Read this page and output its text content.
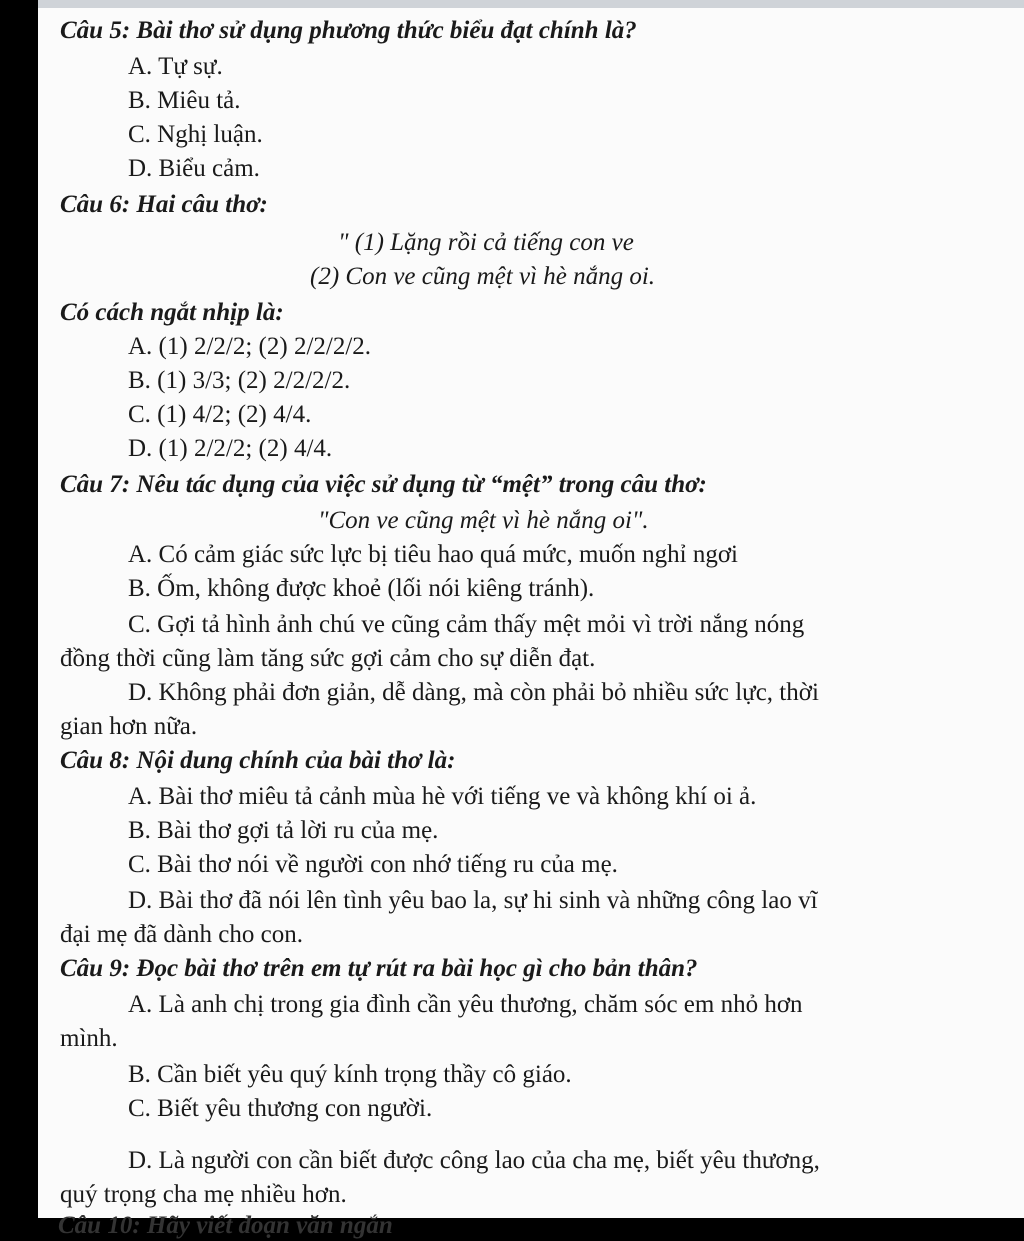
Câu 5: Bài thơ sử dụng phương thức biểu đạt chính là?
A. Tự sự.
B. Miêu tả.
C. Nghị luận.
D. Biểu cảm.
Câu 6: Hai câu thơ:
" (1) Lặng rồi cả tiếng con ve
(2) Con ve cũng mệt vì hè nắng oi.
Có cách ngắt nhịp là:
A. (1) 2/2/2; (2) 2/2/2/2.
B. (1) 3/3; (2) 2/2/2/2.
C. (1) 4/2; (2) 4/4.
D. (1) 2/2/2; (2) 4/4.
Câu 7: Nêu tác dụng của việc sử dụng từ “mệt” trong câu thơ:
"Con ve cũng mệt vì hè nắng oi".
A. Có cảm giác sức lực bị tiêu hao quá mức, muốn nghỉ ngơi
B. Ốm, không được khoẻ (lối nói kiêng tránh).
C. Gợi tả hình ảnh chú ve cũng cảm thấy mệt mỏi vì trời nắng nóng
đồng thời cũng làm tăng sức gợi cảm cho sự diễn đạt.
D. Không phải đơn giản, dễ dàng, mà còn phải bỏ nhiều sức lực, thời
gian hơn nữa.
Câu 8: Nội dung chính của bài thơ là:
A. Bài thơ miêu tả cảnh mùa hè với tiếng ve và không khí oi ả.
B. Bài thơ gợi tả lời ru của mẹ.
C. Bài thơ nói về người con nhớ tiếng ru của mẹ.
D. Bài thơ đã nói lên tình yêu bao la, sự hi sinh và những công lao vĩ
đại mẹ đã dành cho con.
Câu 9: Đọc bài thơ trên em tự rút ra bài học gì cho bản thân?
A. Là anh chị trong gia đình cần yêu thương, chăm sóc em nhỏ hơn
mình.
B. Cần biết yêu quý kính trọng thầy cô giáo.
C. Biết yêu thương con người.
D. Là người con cần biết được công lao của cha mẹ, biết yêu thương,
quý trọng cha mẹ nhiều hơn.
Câu 10: Hãy viết đoạn văn ngắn
